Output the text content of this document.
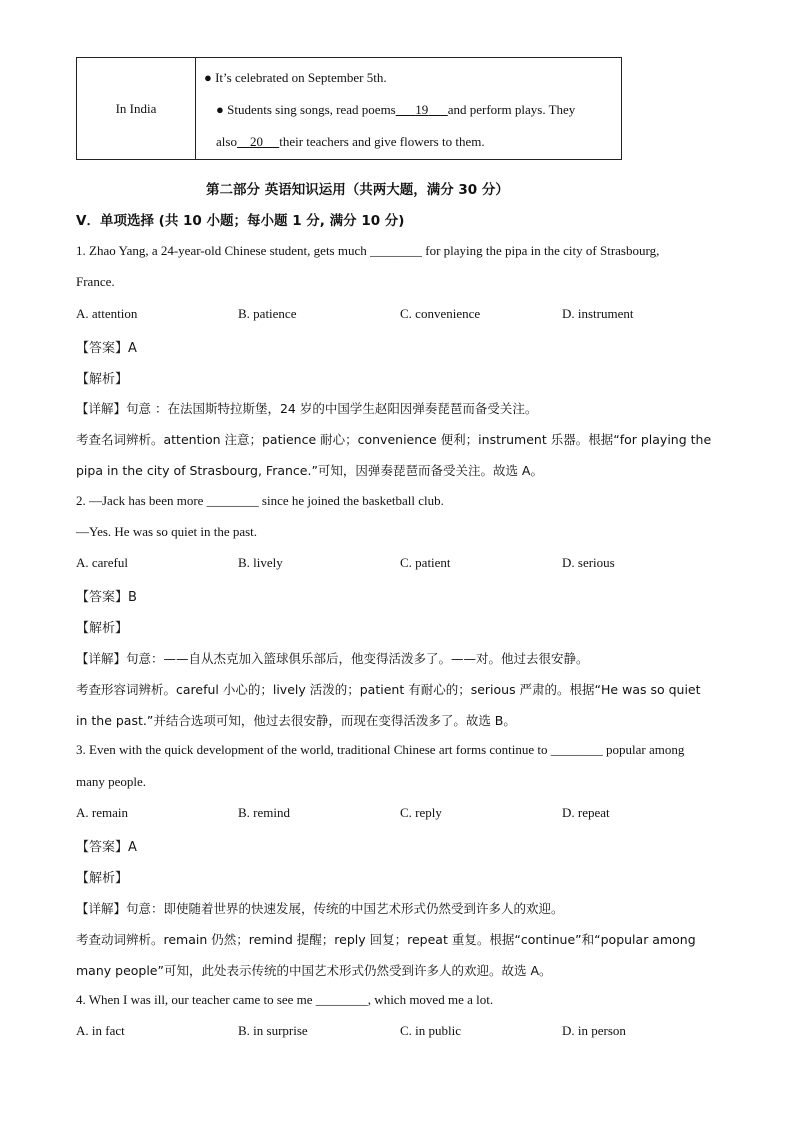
In India
● It’s celebrated on September 5th.
● Students sing songs, read poems 19 and perform plays. They
also 20 their teachers and give flowers to them.
第二部分 英语知识运用（共两大题，满分 30 分）
V．单项选择 (共 10 小题；每小题 1 分, 满分 10 分)
1. Zhao Yang, a 24-year-old Chinese student, gets much ________ for playing the pipa in the city of Strasbourg,
France.
A. attention	B. patience	C. convenience	D. instrument
【答案】A
【解析】
【详解】句意 ：在法国斯特拉斯堡，24 岁的中国学生赵阳因弹奏琵琶而备受关注。
考查名词辨析。attention 注意；patience 耐心；convenience 便利；instrument 乐器。根据“for playing the
pipa in the city of Strasbourg, France.”可知，因弹奏琵琶而备受关注。故选 A。
2. —Jack has been more ________ since he joined the basketball club.
—Yes. He was so quiet in the past.
A. careful	B. lively	C. patient	D. serious
【答案】B
【解析】
【详解】句意：——自从杰克加入篮球俱乐部后，他变得活泼多了。——对。他过去很安静。
考查形容词辨析。careful 小心的；lively 活泼的；patient 有耐心的；serious 严肃的。根据“He was so quiet
in the past.”并结合选项可知，他过去很安静，而现在变得活泼多了。故选 B。
3. Even with the quick development of the world, traditional Chinese art forms continue to ________ popular among
many people.
A. remain	B. remind	C. reply	D. repeat
【答案】A
【解析】
【详解】句意：即使随着世界的快速发展，传统的中国艺术形式仍然受到许多人的欢迎。
考查动词辨析。remain 仍然；remind 提醒；reply 回复；repeat 重复。根据“continue”和“popular among
many people”可知，此处表示传统的中国艺术形式仍然受到许多人的欢迎。故选 A。
4. When I was ill, our teacher came to see me ________, which moved me a lot.
A. in fact	B. in surprise	C. in public	D. in person
